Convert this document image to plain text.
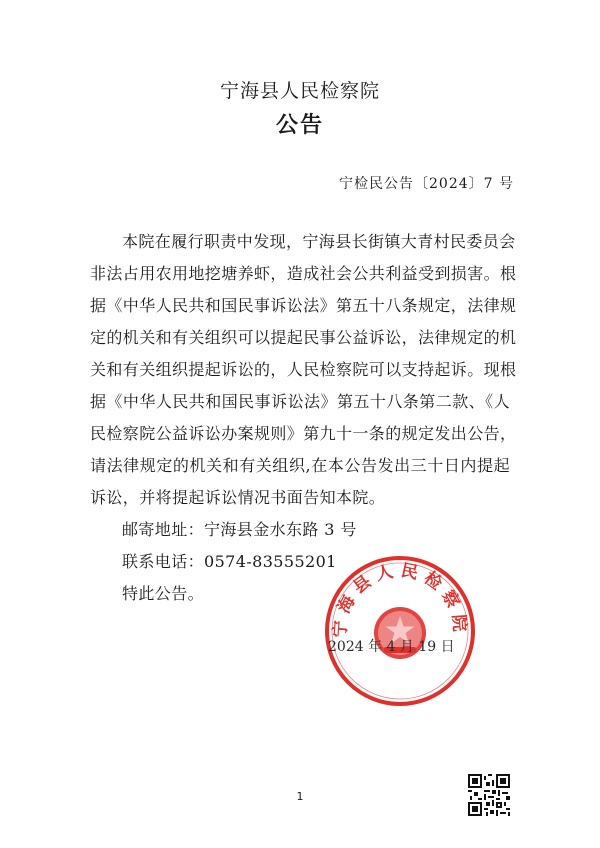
宁海县人民检察院
公告
宁检民公告〔2024〕7 号
本院在履行职责中发现，宁海县长街镇大青村民委员会
非法占用农用地挖塘养虾，造成社会公共利益受到损害。根
据《中华人民共和国民事诉讼法》第五十八条规定，法律规
定的机关和有关组织可以提起民事公益诉讼，法律规定的机
关和有关组织提起诉讼的，人民检察院可以支持起诉。现根
据《中华人民共和国民事诉讼法》第五十八条第二款、《人
民检察院公益诉讼办案规则》第九十一条的规定发出公告，
请法律规定的机关和有关组织,在本公告发出三十日内提起
诉讼，并将提起诉讼情况书面告知本院。
邮寄地址：宁海县金水东路 3 号
联系电话：0574-83555201
特此公告。
宁海县人民检察院
2024 年 4 月 19 日
1
